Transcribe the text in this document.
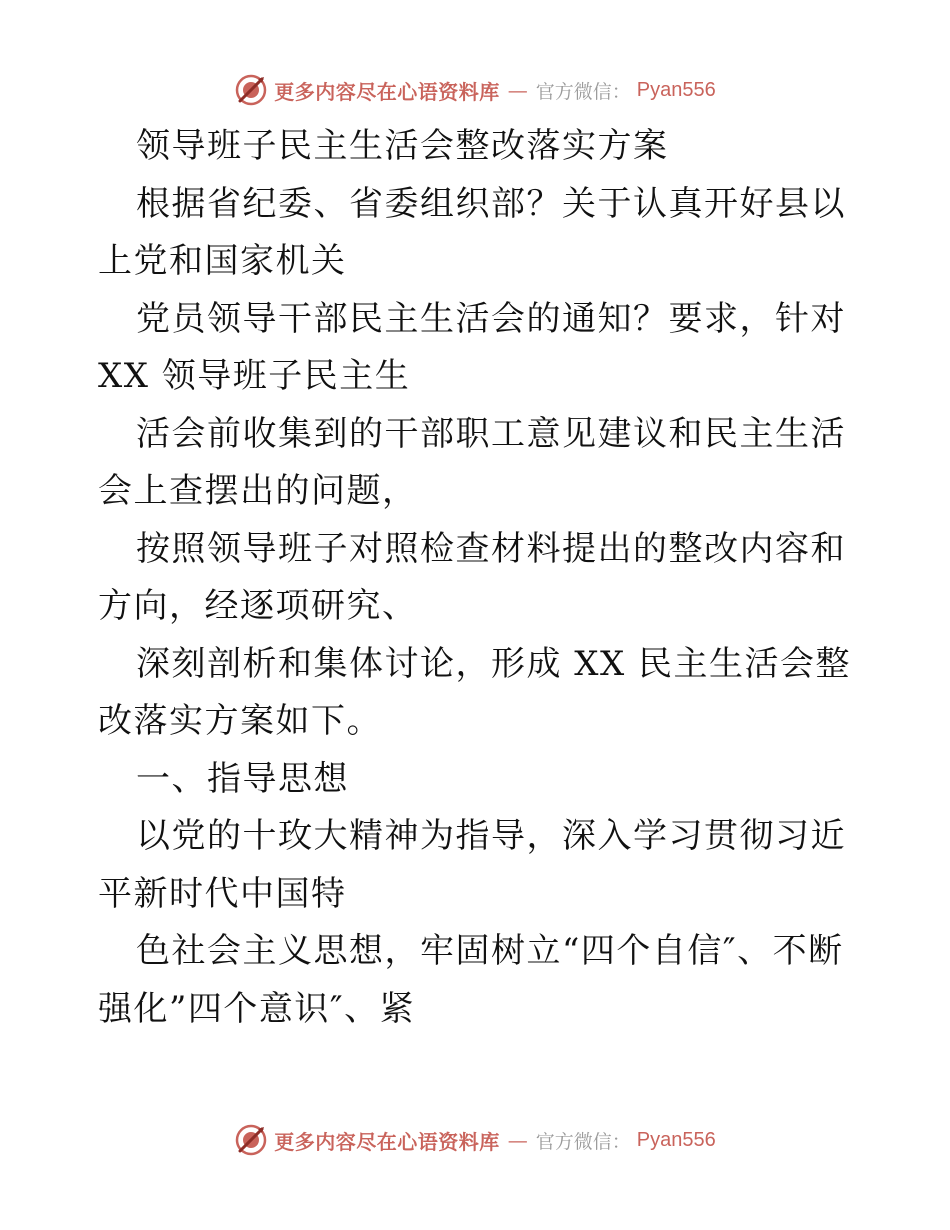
更多内容尽在心语资料库 — 官方微信： Pyan556

领导班子民主生活会整改落实方案

根据省纪委、省委组织部？关于认真开好县以上党和国家机关

党员领导干部民主生活会的通知？要求，针对XX 领导班子民主生

活会前收集到的干部职工意见建议和民主生活会上查摆出的问题，

按照领导班子对照检查材料提出的整改内容和方向，经逐项研究、

深刻剖析和集体讨论，形成 XX 民主生活会整改落实方案如下。

一、指导思想

以党的十玫大精神为指导，深入学习贯彻习近平新时代中国特

色社会主义思想，牢固树立“四个自信″、不断强化”四个意识″、紧

更多内容尽在心语资料库 — 官方微信： Pyan556
